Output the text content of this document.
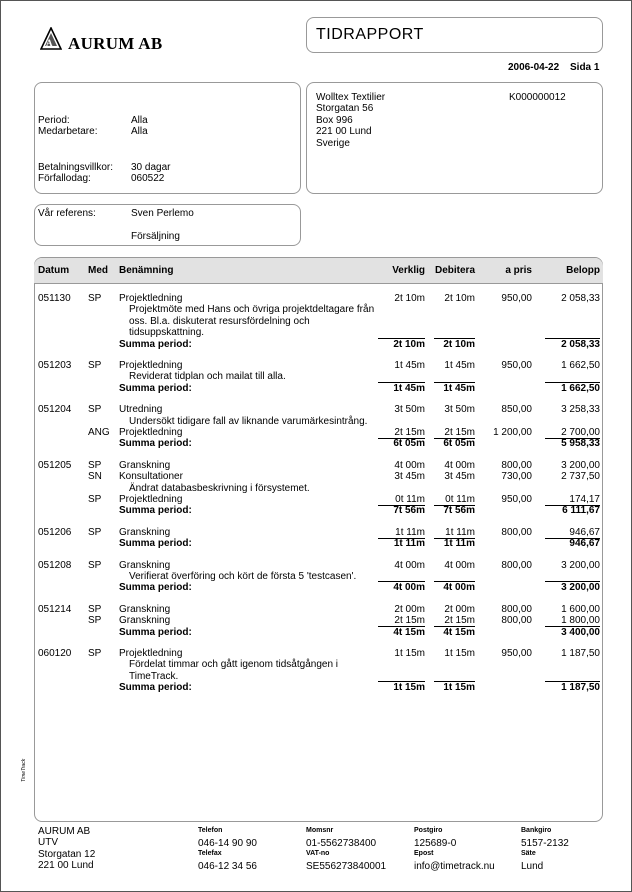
A AURUM AB	TIDRAPPORT
2006-04-22 Sida 1
Period:	Alla
Medarbetare:	Alla
Betalningsvillkor: 30 dagar
Förfallodag:	060522
Wolltex Textilier	K000000012
Storgatan 56
Box 996
221 00 Lund
Sverige
Vår referens:	Sven Perlemo
Försäljning
Datum Med Benämning	Verklig Debitera	a pris	Belopp
051130 SP Projektledning	2t 10m	2t 10m	950,00	2 058,33
Projektmöte med Hans och övriga projektdeltagare från
oss. Bl.a. diskuterat resursfördelning och
tidsuppskattning.
Summa period:	2t 10m	2t 10m	2 058,33
051203 SP Projektledning	1t 45m	1t 45m	950,00	1 662,50
Reviderat tidplan och mailat till alla.
Summa period:	1t 45m	1t 45m	1 662,50
051204 SP Utredning	3t 50m	3t 50m	850,00	3 258,33
Undersökt tidigare fall av liknande varumärkesintrång.
ANG Projektledning	2t 15m	2t 15m	1 200,00	2 700,00
Summa period:	6t 05m	6t 05m	5 958,33
051205 SP Granskning	4t 00m	4t 00m	800,00	3 200,00
SN Konsultationer	3t 45m	3t 45m	730,00	2 737,50
Ändrat databasbeskrivning i försystemet.
SP Projektledning	0t 11m	0t 11m	950,00	174,17
Summa period:	7t 56m	7t 56m	6 111,67
051206 SP Granskning	1t 11m	1t 11m	800,00	946,67
Summa period:	1t 11m	1t 11m	946,67
051208 SP Granskning	4t 00m	4t 00m	800,00	3 200,00
Verifierat överföring och kört de första 5 'testcasen'.
Summa period:	4t 00m	4t 00m	3 200,00
051214 SP Granskning	2t 00m	2t 00m	800,00	1 600,00
SP Granskning	2t 15m	2t 15m	800,00	1 800,00
Summa period:	4t 15m	4t 15m	3 400,00
060120 SP Projektledning	1t 15m	1t 15m	950,00	1 187,50
Fördelat timmar och gått igenom tidsåtgången i
TimeTrack.
Summa period:	1t 15m	1t 15m	1 187,50
TimeTrack
AURUM AB
UTV
Storgatan 12
221 00 Lund
Telefon
046-14 90 90
Telefax
046-12 34 56
Momsnr
01-5562738400
VAT-no
SE556273840001
Postgiro
125689-0
Epost
info@timetrack.nu
Bankgiro
5157-2132
Säte
Lund
